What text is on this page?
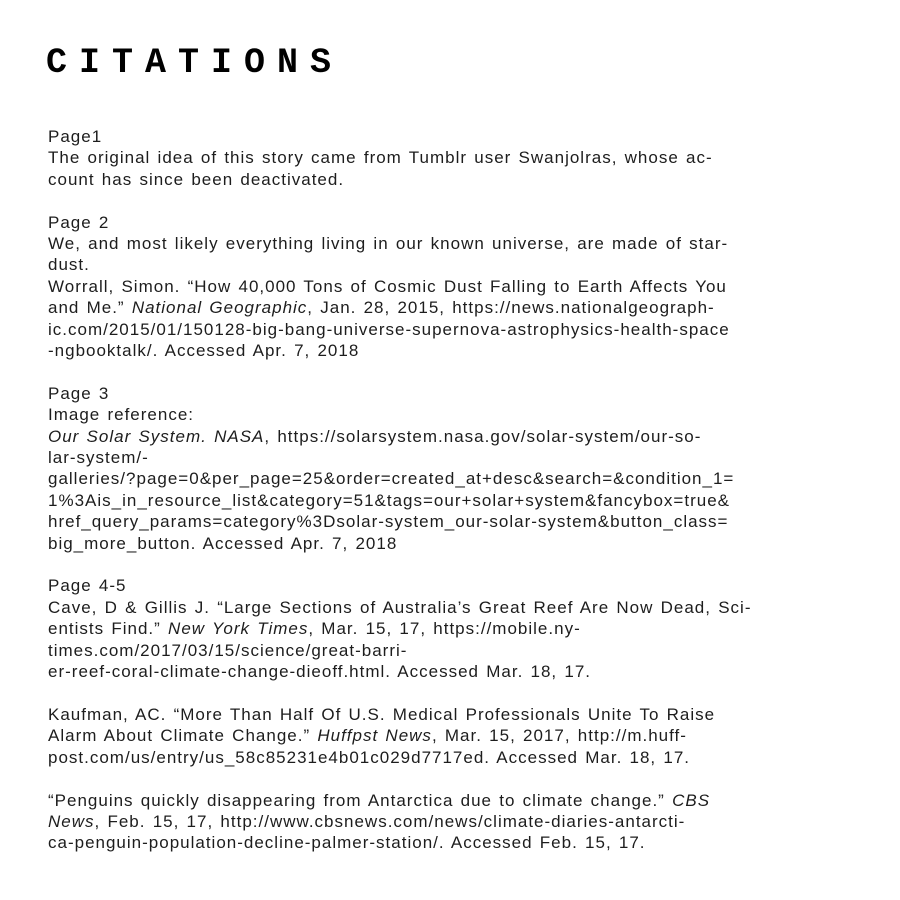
CITATIONS
Page1
The original idea of this story came from Tumblr user Swanjolras, whose ac-
count has since been deactivated.
Page 2
We, and most likely everything living in our known universe, are made of star-
dust.
Worrall, Simon. “How 40,000 Tons of Cosmic Dust Falling to Earth Affects You
and Me.” National Geographic, Jan. 28, 2015, https://news.nationalgeograph-
ic.com/2015/01/150128-big-bang-universe-supernova-astrophysics-health-space
-ngbooktalk/. Accessed Apr. 7, 2018
Page 3
Image reference:
Our Solar System. NASA, https://solarsystem.nasa.gov/solar-system/our-so-
lar-system/-
galleries/?page=0&per_page=25&order=created_at+desc&search=&condition_1=
1%3Ais_in_resource_list&category=51&tags=our+solar+system&fancybox=true&
href_query_params=category%3Dsolar-system_our-solar-system&button_class=
big_more_button. Accessed Apr. 7, 2018
Page 4-5
Cave, D & Gillis J. “Large Sections of Australia’s Great Reef Are Now Dead, Sci-
entists Find.” New York Times, Mar. 15, 17, https://mobile.ny-
times.com/2017/03/15/science/great-barri-
er-reef-coral-climate-change-dieoff.html. Accessed Mar. 18, 17.
Kaufman, AC. “More Than Half Of U.S. Medical Professionals Unite To Raise
Alarm About Climate Change.” Huffpst News, Mar. 15, 2017, http://m.huff-
post.com/us/entry/us_58c85231e4b01c029d7717ed. Accessed Mar. 18, 17.
“Penguins quickly disappearing from Antarctica due to climate change.” CBS
News, Feb. 15, 17, http://www.cbsnews.com/news/climate-diaries-antarcti-
ca-penguin-population-decline-palmer-station/. Accessed Feb. 15, 17.
